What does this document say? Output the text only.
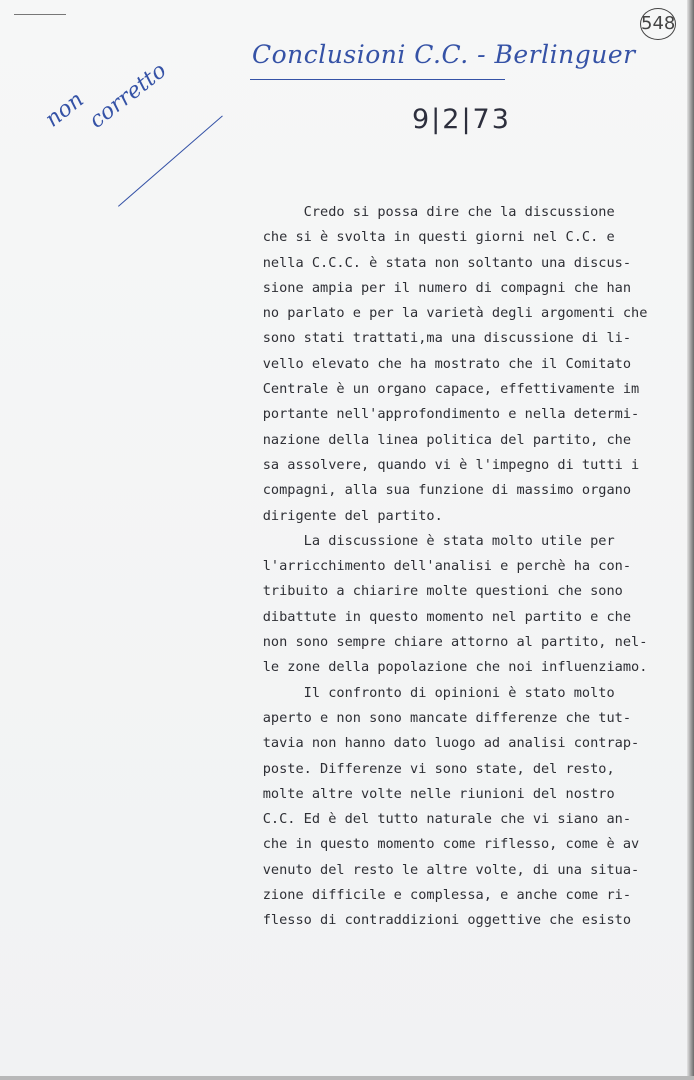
548
Conclusioni C.C. - Berlinguer
9|2|73
non
corretto
Credo si possa dire che la discussione
che si è svolta in questi giorni nel C.C. e
nella C.C.C. è stata non soltanto una discus-
sione ampia per il numero di compagni che han
no parlato e per la varietà degli argomenti che
sono stati trattati,ma una discussione di li-
vello elevato che ha mostrato che il Comitato
Centrale è un organo capace, effettivamente im
portante nell'approfondimento e nella determi-
nazione della linea politica del partito, che
sa assolvere, quando vi è l'impegno di tutti i
compagni, alla sua funzione di massimo organo
dirigente del partito.
La discussione è stata molto utile per
l'arricchimento dell'analisi e perchè ha con-
tribuito a chiarire molte questioni che sono
dibattute in questo momento nel partito e che
non sono sempre chiare attorno al partito, nel-
le zone della popolazione che noi influenziamo.
Il confronto di opinioni è stato molto
aperto e non sono mancate differenze che tut-
tavia non hanno dato luogo ad analisi contrap-
poste. Differenze vi sono state, del resto,
molte altre volte nelle riunioni del nostro
C.C. Ed è del tutto naturale che vi siano an-
che in questo momento come riflesso, come è av
venuto del resto le altre volte, di una situa-
zione difficile e complessa, e anche come ri-
flesso di contraddizioni oggettive che esisto
